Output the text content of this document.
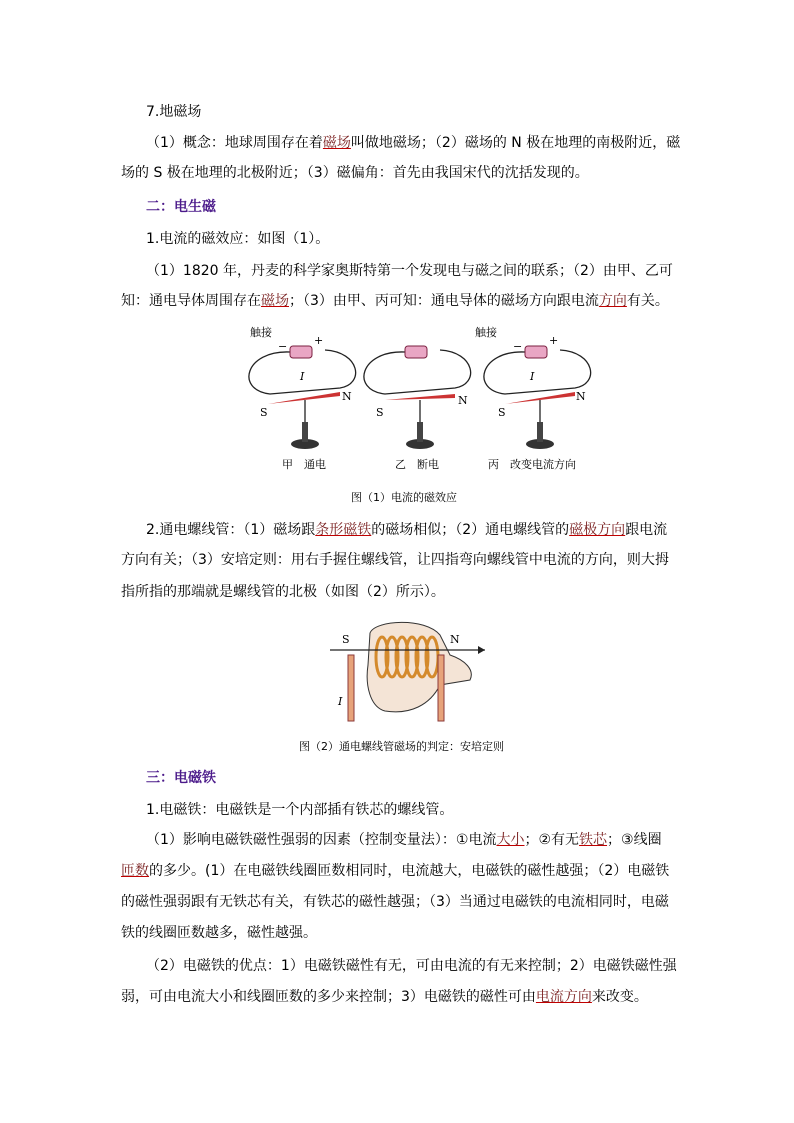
7.地磁场
（1）概念：地球周围存在着磁场叫做地磁场；（2）磁场的 N 极在地理的南极附近，磁
场的 S 极在地理的北极附近；（3）磁偏角：首先由我国宋代的沈括发现的。
二：电生磁
1.电流的磁效应：如图（1）。
（1）1820 年，丹麦的科学家奥斯特第一个发现电与磁之间的联系；（2）由甲、乙可
知：通电导体周围存在磁场；（3）由甲、丙可知：通电导体的磁场方向跟电流方向有关。
触接	触接
− +	− +
I	I
S
N
S
N
S
N
甲　通电	乙　断电	丙　改变电流方向
图（1）电流的磁效应
2.通电螺线管：（1）磁场跟条形磁铁的磁场相似；（2）通电螺线管的磁极方向跟电流
方向有关；（3）安培定则：用右手握住螺线管，让四指弯向螺线管中电流的方向，则大拇
指所指的那端就是螺线管的北极（如图（2）所示）。
S	N
I
图（2）通电螺线管磁场的判定：安培定则
三：电磁铁
1.电磁铁：电磁铁是一个内部插有铁芯的螺线管。
（1）影响电磁铁磁性强弱的因素（控制变量法）：①电流大小；②有无铁芯；③线圈
匝数的多少。(1）在电磁铁线圈匝数相同时，电流越大，电磁铁的磁性越强；（2）电磁铁
的磁性强弱跟有无铁芯有关，有铁芯的磁性越强；（3）当通过电磁铁的电流相同时，电磁
铁的线圈匝数越多，磁性越强。
（2）电磁铁的优点：1）电磁铁磁性有无，可由电流的有无来控制；2）电磁铁磁性强
弱，可由电流大小和线圈匝数的多少来控制；3）电磁铁的磁性可由电流方向来改变。
